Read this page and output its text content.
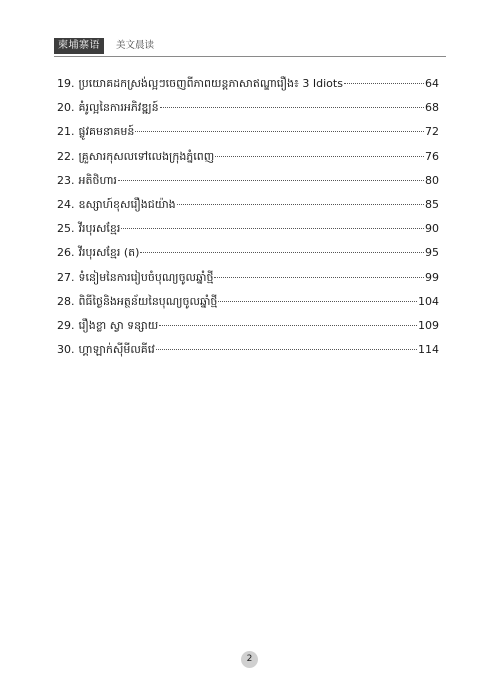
柬埔寨语	美文晨读
19. ប្រយោគដកស្រង់ល្អៗចេញពីភាពយន្តភាសាឥណ្ឌារឿង៖ 3 Idiots	64
20. គំរូល្អនៃការអភិវឌ្ឍន៍	68
21. ផ្លូវគមនាគមន៍	72
22. គ្រួសារកុសលទៅលេងក្រុងភ្នំពេញ	76
23. អតិថិហារ	80
24. ឧស្សាហ៍ខុសរឿងជយ៉ាង	85
25. វីរបុរសខ្មែរ	90
26. វីរបុរសខ្មែរ (ត)	95
27. ទំនៀមនៃការរៀបចំបុណ្យចូលឆ្នាំថ្មី	99
28. ពិធីថ្ងៃនិងអត្ថន័យនៃបុណ្យចូលឆ្នាំថ្មី	104
29. រឿងខ្លា ស្វា ទន្សាយ	109
30. ហ្គាឡាក់ស៊ីមីលគីវេ	114
2
